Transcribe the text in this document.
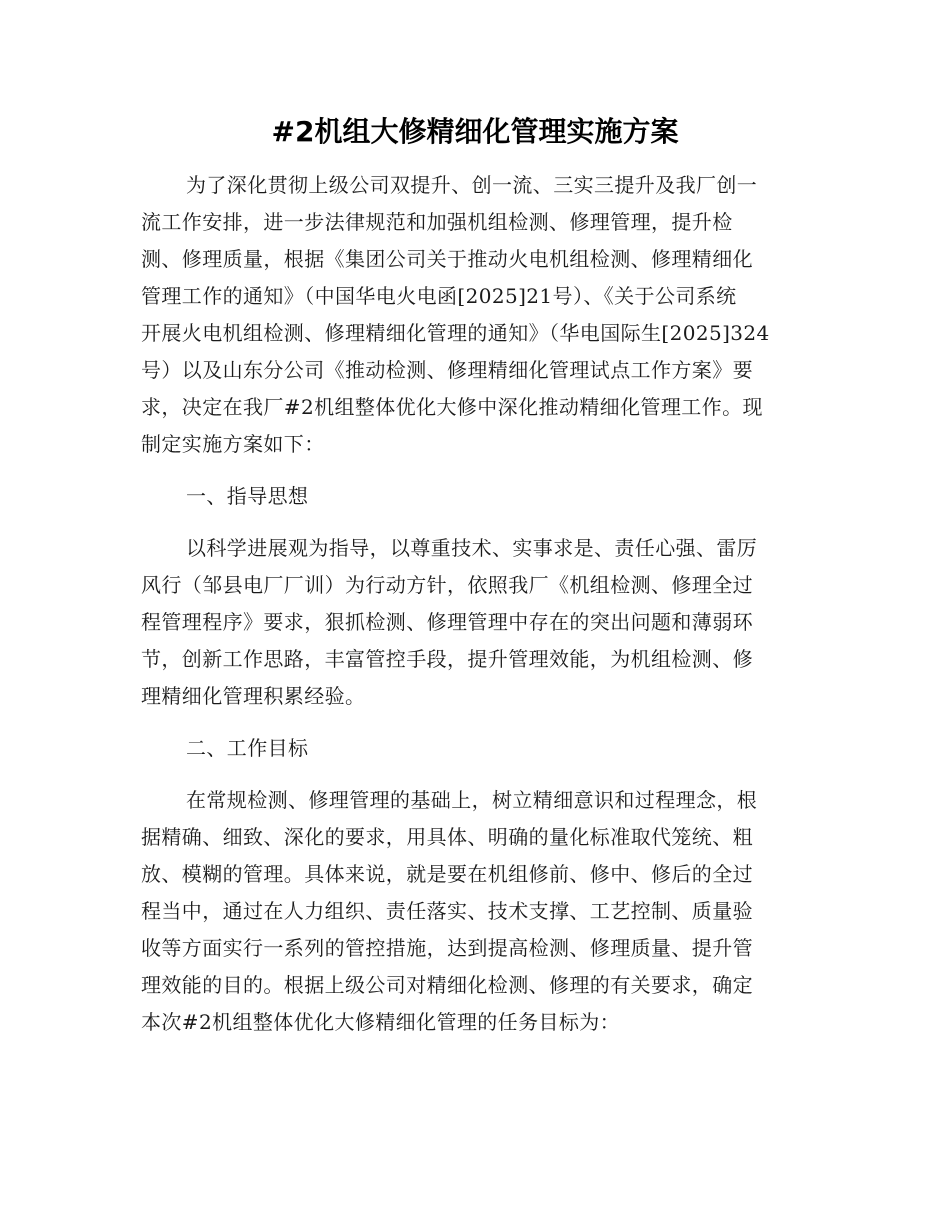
#2机组大修精细化管理实施方案
为了深化贯彻上级公司双提升、创一流、三实三提升及我厂创一
流工作安排，进一步法律规范和加强机组检测、修理管理，提升检
测、修理质量，根据《集团公司关于推动火电机组检测、修理精细化
管理工作的通知》（中国华电火电函[2025]21号）、《关于公司系统
开展火电机组检测、修理精细化管理的通知》（华电国际生[2025]324
号）以及山东分公司《推动检测、修理精细化管理试点工作方案》要
求，决定在我厂#2机组整体优化大修中深化推动精细化管理工作。现
制定实施方案如下：
一、指导思想
以科学进展观为指导，以尊重技术、实事求是、责任心强、雷厉
风行（邹县电厂厂训）为行动方针，依照我厂《机组检测、修理全过
程管理程序》要求，狠抓检测、修理管理中存在的突出问题和薄弱环
节，创新工作思路，丰富管控手段，提升管理效能，为机组检测、修
理精细化管理积累经验。
二、工作目标
在常规检测、修理管理的基础上，树立精细意识和过程理念，根
据精确、细致、深化的要求，用具体、明确的量化标准取代笼统、粗
放、模糊的管理。具体来说，就是要在机组修前、修中、修后的全过
程当中，通过在人力组织、责任落实、技术支撑、工艺控制、质量验
收等方面实行一系列的管控措施，达到提高检测、修理质量、提升管
理效能的目的。根据上级公司对精细化检测、修理的有关要求，确定
本次#2机组整体优化大修精细化管理的任务目标为：
